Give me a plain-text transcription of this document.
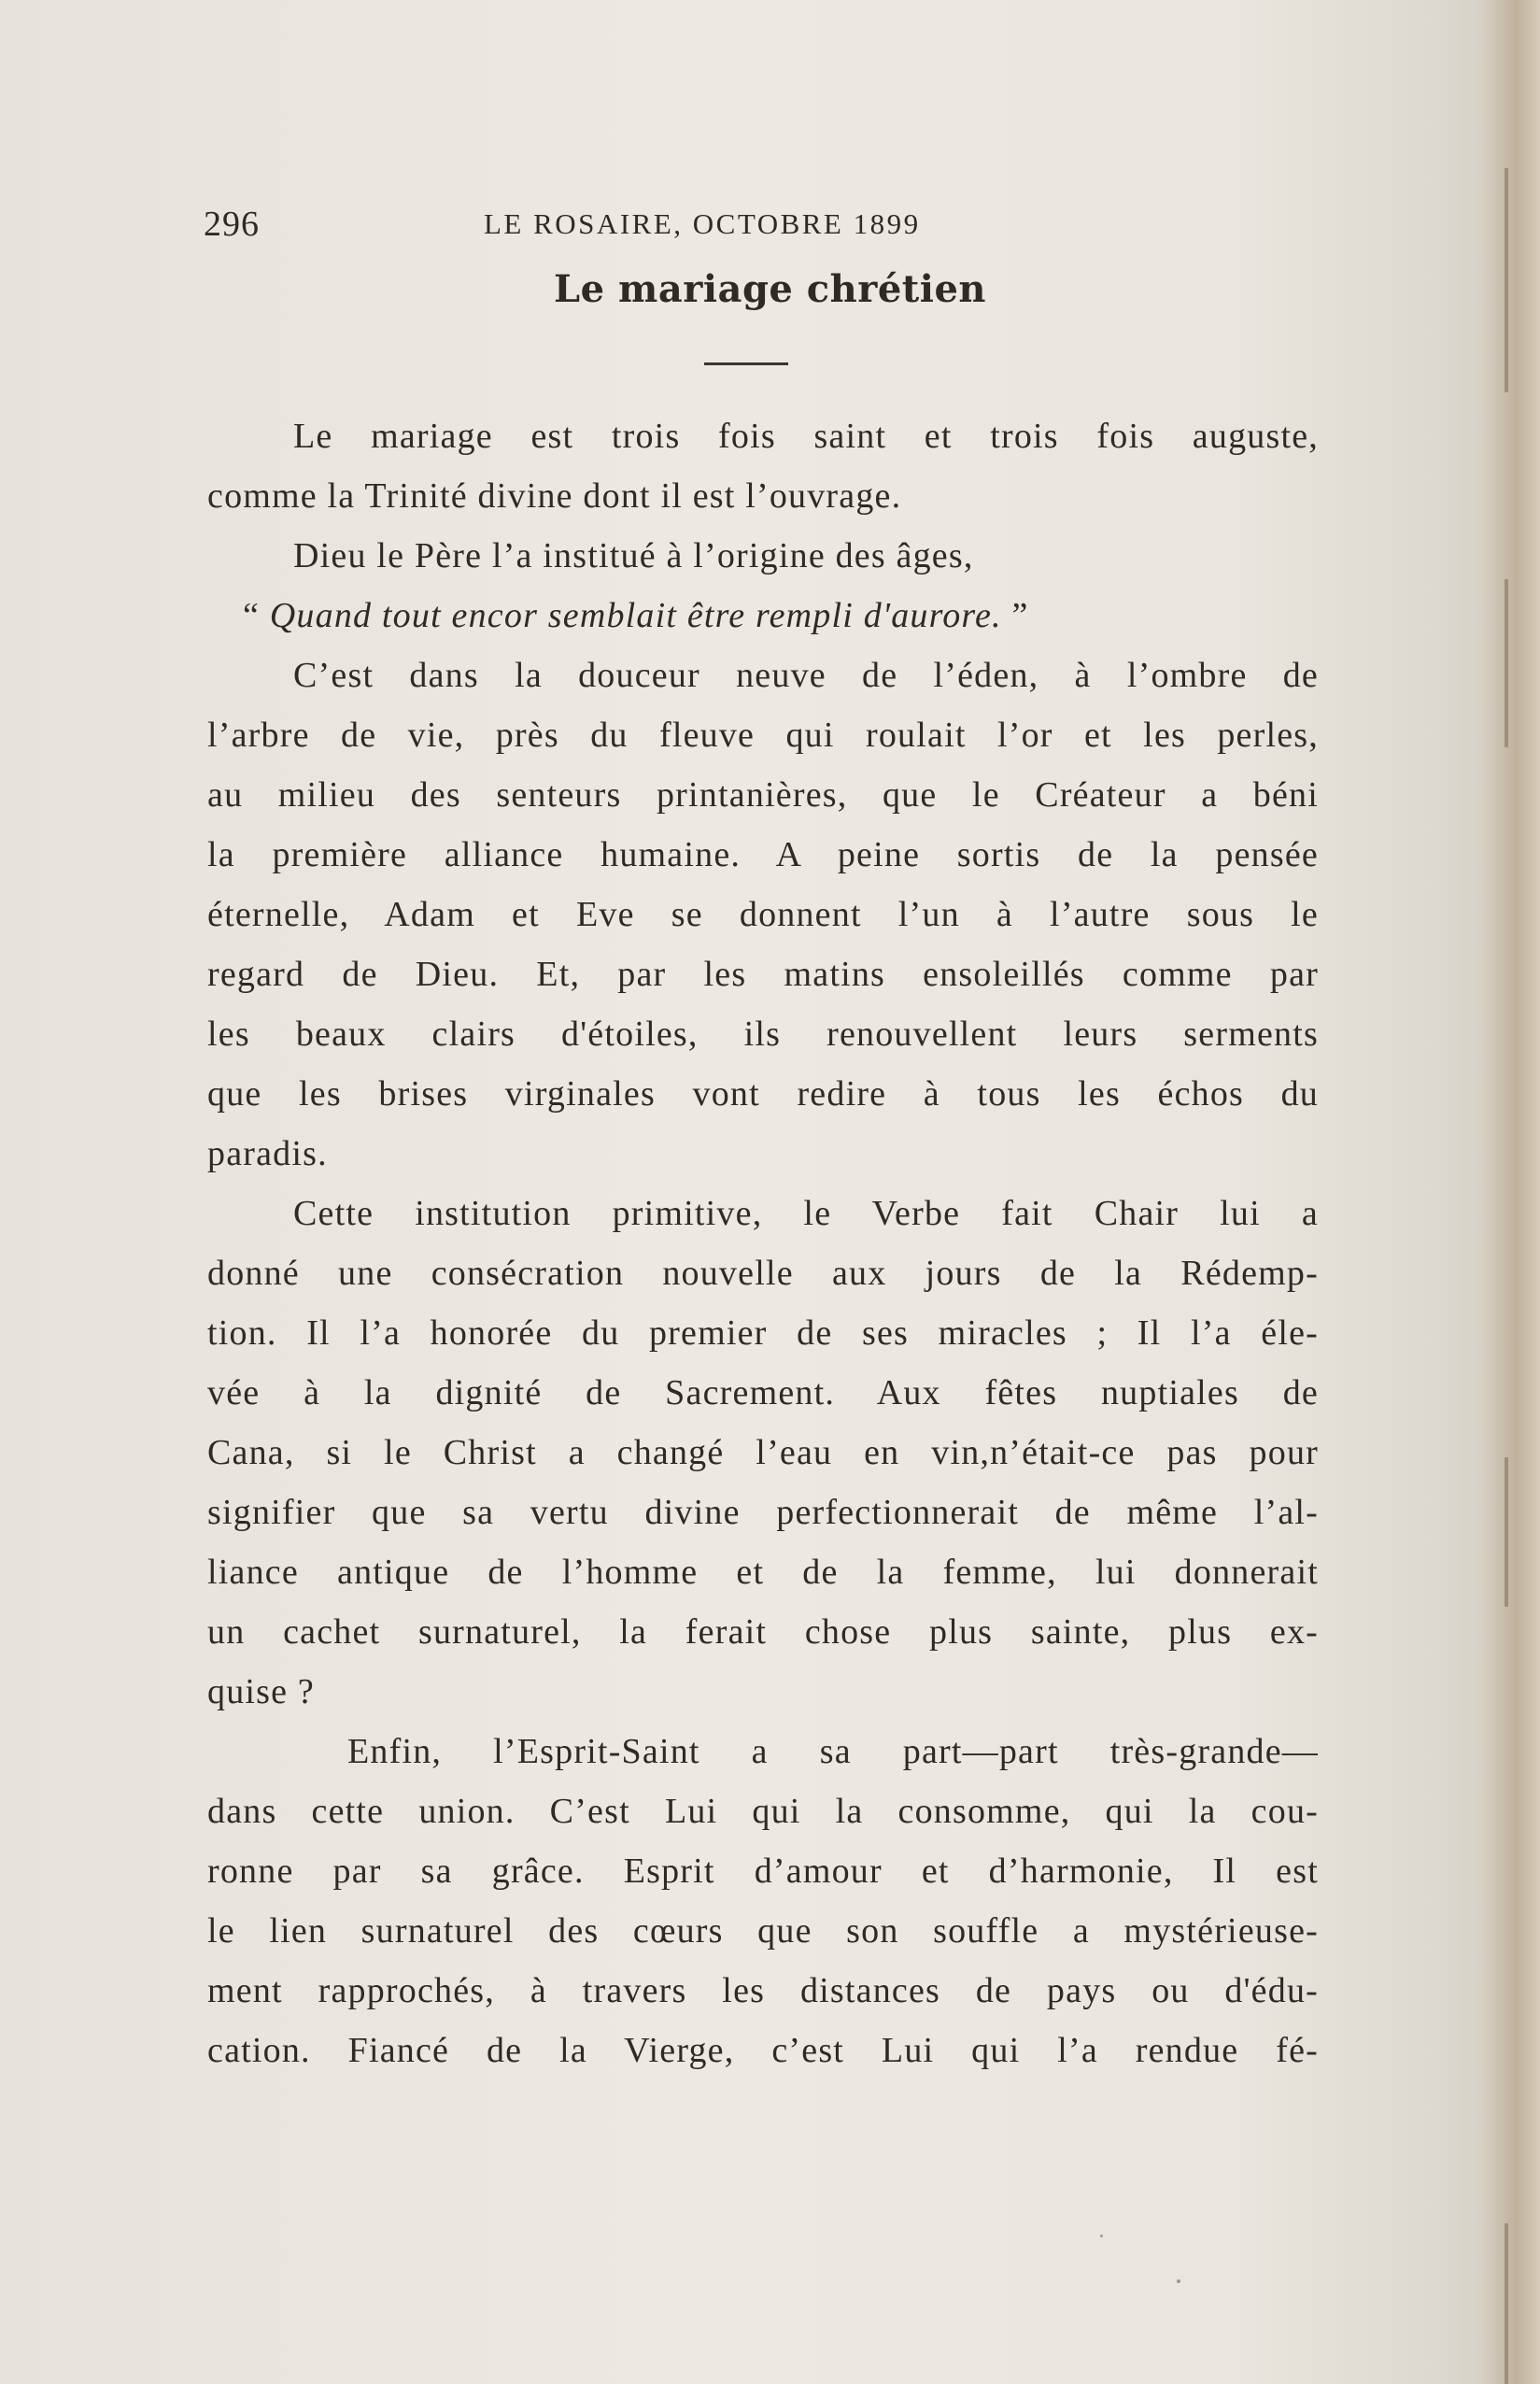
296	LE ROSAIRE, OCTOBRE 1899
Le mariage chrétien
Le mariage est trois fois saint et trois fois auguste,
comme la Trinité divine dont il est l’ouvrage.
Dieu le Père l’a institué à l’origine des âges,
“ Quand tout encor semblait être rempli d'aurore. ”
C’est dans la douceur neuve de l’éden, à l’ombre de
l’arbre de vie, près du fleuve qui roulait l’or et les perles,
au milieu des senteurs printanières, que le Créateur a béni
la première alliance humaine. A peine sortis de la pensée
éternelle, Adam et Eve se donnent l’un à l’autre sous le
regard de Dieu. Et, par les matins ensoleillés comme par
les beaux clairs d'étoiles, ils renouvellent leurs serments
que les brises virginales vont redire à tous les échos du
paradis.
Cette institution primitive, le Verbe fait Chair lui a
donné une consécration nouvelle aux jours de la Rédemp-
tion. Il l’a honorée du premier de ses miracles ; Il l’a éle-
vée à la dignité de Sacrement. Aux fêtes nuptiales de
Cana, si le Christ a changé l’eau en vin,n’était-ce pas pour
signifier que sa vertu divine perfectionnerait de même l’al-
liance antique de l’homme et de la femme, lui donnerait
un cachet surnaturel, la ferait chose plus sainte, plus ex-
quise ?
Enfin, l’Esprit-Saint a sa part—part très-grande—
dans cette union. C’est Lui qui la consomme, qui la cou-
ronne par sa grâce. Esprit d’amour et d’harmonie, Il est
le lien surnaturel des cœurs que son souffle a mystérieuse-
ment rapprochés, à travers les distances de pays ou d'édu-
cation. Fiancé de la Vierge, c’est Lui qui l’a rendue fé-
